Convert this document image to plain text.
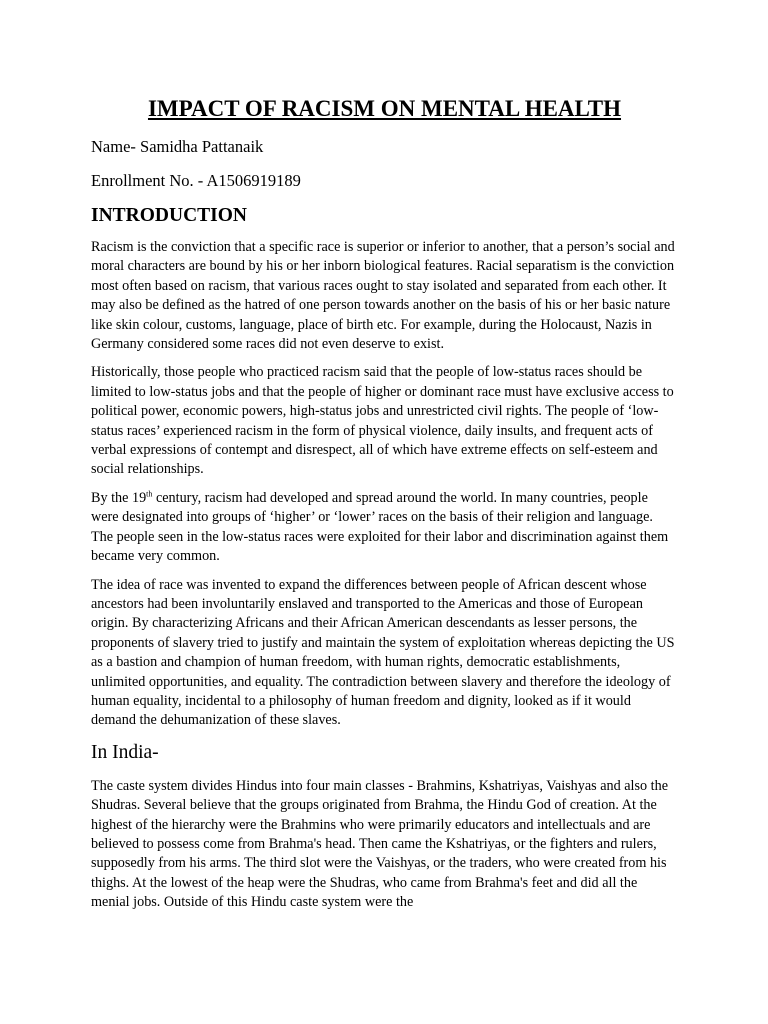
IMPACT OF RACISM ON MENTAL HEALTH

Name- Samidha Pattanaik

Enrollment No. - A1506919189

INTRODUCTION

Racism is the conviction that a specific race is superior or inferior to another, that a person’s social and moral characters are bound by his or her inborn biological features. Racial separatism is the conviction most often based on racism, that various races ought to stay isolated and separated from each other. It may also be defined as the hatred of one person towards another on the basis of his or her basic nature like skin colour, customs, language, place of birth etc. For example, during the Holocaust, Nazis in Germany considered some races did not even deserve to exist.

Historically, those people who practiced racism said that the people of low-status races should be limited to low-status jobs and that the people of higher or dominant race must have exclusive access to political power, economic powers, high-status jobs and unrestricted civil rights. The people of ‘low-status races’ experienced racism in the form of physical violence, daily insults, and frequent acts of verbal expressions of contempt and disrespect, all of which have extreme effects on self-esteem and social relationships.

By the 19th century, racism had developed and spread around the world. In many countries, people were designated into groups of ‘higher’ or ‘lower’ races on the basis of their religion and language. The people seen in the low-status races were exploited for their labor and discrimination against them became very common.

The idea of race was invented to expand the differences between people of African descent whose ancestors had been involuntarily enslaved and transported to the Americas and those of European origin. By characterizing Africans and their African American descendants as lesser persons, the proponents of slavery tried to justify and maintain the system of exploitation whereas depicting the US as a bastion and champion of human freedom, with human rights, democratic establishments, unlimited opportunities, and equality. The contradiction between slavery and therefore the ideology of human equality, incidental to a philosophy of human freedom and dignity, looked as if it would demand the dehumanization of these slaves.

In India-

The caste system divides Hindus into four main classes - Brahmins, Kshatriyas, Vaishyas and also the Shudras. Several believe that the groups originated from Brahma, the Hindu God of creation. At the highest of the hierarchy were the Brahmins who were primarily educators and intellectuals and are believed to possess come from Brahma's head. Then came the Kshatriyas, or the fighters and rulers, supposedly from his arms. The third slot were the Vaishyas, or the traders, who were created from his thighs. At the lowest of the heap were the Shudras, who came from Brahma's feet and did all the menial jobs. Outside of this Hindu caste system were the
